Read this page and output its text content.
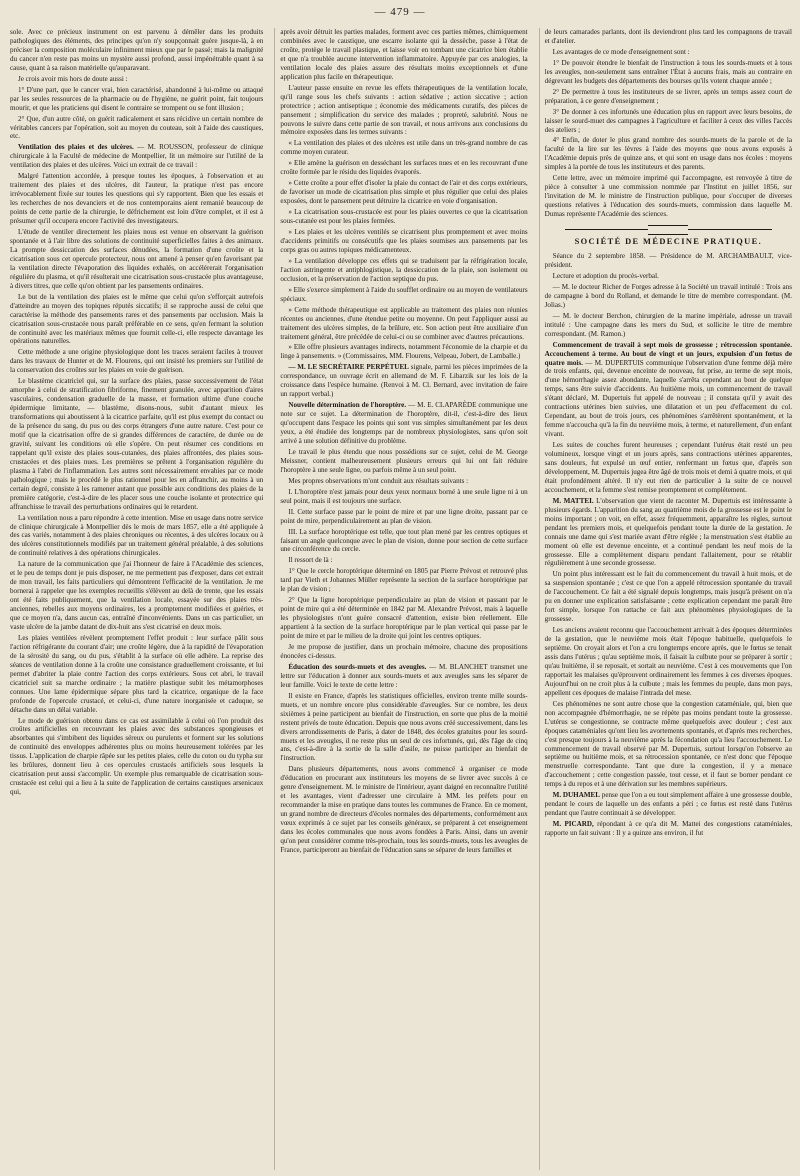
— 479 —

sole. Avec ce précieux instrument on est parvenu à démêler dans les produits pathologiques des éléments, des principes qu'on n'y soupçonnait guère jusque-là, à en préciser la composition moléculaire infiniment mieux que par le passé; mais la malignité du cancer n'en reste pas moins un mystère aussi profond, aussi impénétrable quant à sa cause, quant à sa raison matérielle qu'auparavant.

Je crois avoir mis hors de doute aussi :

1° D'une part, que le cancer vrai, bien caractérisé, abandonné à lui-même ou attaqué par les seules ressources de la pharmacie ou de l'hygiène, ne guérit point, fait toujours mourir, et que les praticiens qui disent le contraire se trompent ou se font illusion ;

2° Que, d'un autre côté, on guérit radicalement et sans récidive un certain nombre de véritables cancers par l'opération, soit au moyen du couteau, soit à l'aide des caustiques, etc.

Ventilation des plaies et des ulcères. — M. ROUSSON, professeur de clinique chirurgicale à la Faculté de médecine de Montpellier, lit un mémoire sur l'utilité de la ventilation des plaies et des ulcères. Voici un extrait de ce travail :

Malgré l'attention accordée, à presque toutes les époques, à l'observation et au traitement des plaies et des ulcères, dit l'auteur, la pratique n'est pas encore irrévocablement fixée sur toutes les questions qui s'y rapportent. Bien que les essais et les recherches de nos devanciers et de nos contemporains aient remanié beaucoup de points de cette partie de la chirurgie, le défrichement est loin d'être complet, et il est à présumer qu'il occupera encore l'activité des investigateurs.

L'étude de ventiler directement les plaies nous est venue en observant la guérison spontanée et à l'air libre des solutions de continuité superficielles faites à des animaux. La prompte dessiccation des surfaces dénudées, la formation d'une croûte et la cicatrisation sous cet opercule protecteur, nous ont amené à penser qu'en favorisant par la ventilation directe l'évaporation des liquides exhalés, on accélérerait l'organisation régulière du plasma, et qu'il résulterait une cicatrisation sous-crustacée plus avantageuse, à divers titres, que celle qu'on obtient par les pansements ordinaires.

Le but de la ventilation des plaies est le même que celui qu'on s'efforçait autrefois d'atteindre au moyen des topiques réputés siccatifs; il se rapproche aussi de celui que caractérise la méthode des pansements rares et des pansements par occlusion. Mais la cicatrisation sous-crustacée nous paraît préférable en ce sens, qu'en fermant la solution de continuité avec les matériaux mêmes que fournit celle-ci, elle respecte davantage les opérations naturelles.

Cette méthode a une origine physiologique dont les traces seraient faciles à trouver dans les travaux de Hunter et de M. Flourens, qui ont insisté les premiers sur l'utilité de la conservation des croûtes sur les plaies en voie de guérison.

Le blastème cicatriciel qui, sur la surface des plaies, passe successivement de l'état amorphe à celui de stratification fibriforme, finement granulée, avec apparition d'aires vasculaires, condensation graduelle de la masse, et formation ultime d'une couche épidermique limitante, — blastème, disons-nous, subit d'autant mieux les transformations qui aboutissent à la cicatrice parfaite, qu'il est plus exempt du contact ou de la présence du sang, du pus ou des corps étrangers d'une autre nature. C'est pour ce motif que la cicatrisation offre de si grandes différences de caractère, de durée ou de gravité, suivant les conditions où elle s'opère. On peut résumer ces conditions en rappelant qu'il existe des plaies sous-cutanées, des plaies affrontées, des plaies sous-crustacées et des plaies nues. Les premières se prêtent à l'organisation régulière du plasma à l'abri de l'inflammation. Les autres sont nécessairement envahies par ce mode pathologique ; mais le procédé le plus rationnel pour les en affranchir, au moins à un certain degré, consiste à les ramener autant que possible aux conditions des plaies de la première catégorie, c'est-à-dire de les placer sous une couche isolante et protectrice qui affranchisse le travail des perturbations ordinaires qui le retardent.

La ventilation nous a paru répondre à cette intention. Mise en usage dans notre service de clinique chirurgicale à Montpellier dès le mois de mars 1857, elle a été appliquée à des cas variés, notamment à des plaies chroniques ou récentes, à des ulcères locaux ou à des ulcères constitutionnels modifiés par un traitement général préalable, à des solutions de continuité relatives à des opérations chirurgicales.

La nature de la communication que j'ai l'honneur de faire à l'Académie des sciences, et le peu de temps dont je puis disposer, ne me permettent pas d'exposer, dans cet extrait de mon travail, les faits particuliers qui démontrent l'efficacité de la ventilation. Je me bornerai à rappeler que les exemples recueillis s'élèvent au delà de trente, que les essais ont été faits publiquement, que la ventilation locale, essayée sur des plaies très-anciennes, rebelles aux moyens ordinaires, les a promptement modifiées et guéries, et que ce moyen n'a, dans aucun cas, entraîné d'inconvénients. Dans un cas particulier, un vaste ulcère de la jambe datant de dix-huit ans s'est cicatrisé en deux mois.

Les plaies ventilées révèlent promptement l'effet produit : leur surface pâlit sous l'action réfrigérante du courant d'air; une croûte légère, due à la rapidité de l'évaporation de la sérosité du sang, ou du pus, s'établit à la surface où elle adhère. La reprise des séances de ventilation donne à la croûte une consistance graduellement croissante, et lui permet d'abriter la plaie contre l'action des corps extérieurs. Sous cet abri, le travail cicatriciel suit sa marche ordinaire ; la matière plastique subit les métamorphoses connues. Une lame épidermique sépare plus tard la cicatrice, organique de la face profonde de l'opercule crustacé, et celui-ci, d'une nature inorganisée et caduque, se détache dans un délai variable.

Le mode de guérison obtenu dans ce cas est assimilable à celui où l'on produit des croûtes artificielles en recouvrant les plaies avec des substances spongieuses et absorbantes qui s'imbibent des liquides séreux ou purulents et forment sur les solutions de continuité des enveloppes adhérentes plus ou moins heureusement tolérées par les tissus. L'application de charpie râpée sur les petites plaies, celle du coton ou du typha sur les brûlures, donnent lieu à ces opercules crustacés artificiels sous lesquels la cicatrisation peut aussi s'accomplir. Un exemple plus remarquable de cicatrisation sous-crustacée est celui qui a lieu à la suite de l'application de certains caustiques arsenicaux qui,

après avoir détruit les parties malades, forment avec ces parties mêmes, chimiquement combinées avec le caustique, une escarre isolante qui la dessèche, passe à l'état de croûte, protège le travail plastique, et laisse voir en tombant une cicatrice bien établie et que n'a troublée aucune intervention inflammatoire. Appuyée par ces analogies, la ventilation locale des plaies assure des résultats moins exceptionnels et d'une application plus facile en thérapeutique.

L'auteur passe ensuite en revue les effets thérapeutiques de la ventilation locale, qu'il range sous les chefs suivants : action sédative ; action siccative ; action protectrice ; action antiseptique ; économie des médicaments curatifs, des pièces de pansement ; simplification du service des malades ; propreté, salubrité. Nous ne pouvons le suivre dans cette partie de son travail, et nous arrivons aux conclusions du mémoire exposées dans les termes suivants :

« La ventilation des plaies et des ulcères est utile dans un très-grand nombre de cas comme moyen curateur.

» Elle amène la guérison en desséchant les surfaces nues et en les recouvrant d'une croûte formée par le résidu des liquides évaporés.

» Cette croûte a pour effet d'isoler la plaie du contact de l'air et des corps extérieurs, de favoriser un mode de cicatrisation plus simple et plus régulier que celui des plaies exposées, dont le pansement peut détruire la cicatrice en voie d'organisation.

» La cicatrisation sous-crustacée est pour les plaies ouvertes ce que la cicatrisation sous-cutanée est pour les plaies fermées.

» Les plaies et les ulcères ventilés se cicatrisent plus promptement et avec moins d'accidents primitifs ou consécutifs que les plaies soumises aux pansements par les corps gras ou autres topiques médicamenteux.

» La ventilation développe ces effets qui se traduisent par la réfrigération locale, l'action astringente et antiphlogistique, la dessiccation de la plaie, son isolement ou occlusion, et la préservation de l'action septique du pus.

» Elle s'exerce simplement à l'aide du soufflet ordinaire ou au moyen de ventilateurs spéciaux.

» Cette méthode thérapeutique est applicable au traitement des plaies non réunies récentes ou anciennes, d'une étendue petite ou moyenne. On peut l'appliquer aussi au traitement des ulcères simples, de la brûlure, etc. Son action peut être auxiliaire d'un traitement général, être précédée de celui-ci ou se combiner avec d'autres précautions.

» Elle offre plusieurs avantages indirects, notamment l'économie de la charpie et du linge à pansements. » (Commissaires, MM. Flourens, Velpeau, Jobert, de Lamballe.)

— M. LE SECRÉTAIRE PERPÉTUEL signale, parmi les pièces imprimées de la correspondance, un ouvrage écrit en allemand de M. F. Libarzik sur les lois de la croissance dans l'espèce humaine. (Renvoi à M. Cl. Bernard, avec invitation de faire un rapport verbal.)

Nouvelle détermination de l'horoptère. — M. E. CLAPARÈDE communique une note sur ce sujet. La détermination de l'horoptère, dit-il, c'est-à-dire des lieux qu'occupent dans l'espace les points qui sont vus simples simultanément par les deux yeux, a été étudiée des longtemps par de nombreux physiologistes, sans qu'on soit arrivé à une solution définitive du problème.

Le travail le plus étendu que nous possédions sur ce sujet, celui de M. George Meissner, contient malheureusement plusieurs erreurs qui lui ont fait réduire l'horoptère à une seule ligne, ou parfois même à un seul point.

Mes propres observations m'ont conduit aux résultats suivants :

I. L'horoptère n'est jamais pour deux yeux normaux borné à une seule ligne ni à un seul point, mais il est toujours une surface.

II. Cette surface passe par le point de mire et par une ligne droite, passant par ce point de mire, perpendiculairement au plan de vision.

III. La surface horoptérique est telle, que tout plan mené par les centres optiques et faisant un angle quelconque avec le plan de vision, donne pour section de cette surface une circonférence du cercle.

Il ressort de là :

1° Que le cercle horoptérique déterminé en 1805 par Pierre Prévost et retrouvé plus tard par Vieth et Johannes Müller représente la section de la surface horoptérique par le plan de vision ;

2° Que la ligne horoptérique perpendiculaire au plan de vision et passant par le point de mire qui a été déterminée en 1842 par M. Alexandre Prévost, mais à laquelle les physiologistes n'ont guère consacré d'attention, existe bien réellement. Elle appartient à la section de la surface horoptérique par le plan vertical qui passe par le point de mire et par le milieu de la droite qui joint les centres optiques.

Je me propose de justifier, dans un prochain mémoire, chacune des propositions énoncées ci-dessus.

Éducation des sourds-muets et des aveugles. — M. BLANCHET transmet une lettre sur l'éducation à donner aux sourds-muets et aux aveugles sans les séparer de leur famille. Voici le texte de cette lettre :

Il existe en France, d'après les statistiques officielles, environ trente mille sourds-muets, et un nombre encore plus considérable d'aveugles. Sur ce nombre, les deux sixièmes à peine participent au bienfait de l'instruction, en sorte que plus de la moitié restent privés de toute éducation. Depuis que nous avons créé successivement, dans les divers arrondissements de Paris, à dater de 1848, des écoles gratuites pour les sourd-muets et les aveugles, il ne reste plus un seul de ces infortunés, qui, dès l'âge de cinq ans, c'est-à-dire à la sortie de la salle d'asile, ne puisse participer au bienfait de l'instruction.

Dans plusieurs départements, nous avons commencé à organiser ce mode d'éducation en procurant aux instituteurs les moyens de se livrer avec succès à ce genre d'enseignement. M. le ministre de l'intérieur, ayant daigné en reconnaître l'utilité et les avantages, vient d'adresser une circulaire à MM. les préfets pour en recommander la mise en pratique dans toutes les communes de France. En ce moment, un grand nombre de directeurs d'écoles normales des départements, conformément aux vœux exprimés à ce sujet par les conseils généraux, se préparent à cet enseignement dans les écoles communales que nous avons fondées à Paris. Ainsi, dans un avenir qu'on peut considérer comme très-prochain, tous les sourds-muets, tous les aveugles de France, participeront au bienfait de l'éducation sans se séparer de leurs familles et

de leurs camarades parlants, dont ils deviendront plus tard les compagnons de travail et d'atelier.

Les avantages de ce mode d'enseignement sont :

1° De pouvoir étendre le bienfait de l'instruction à tous les sourds-muets et à tous les aveugles, non-seulement sans entraîner l'État à aucuns frais, mais au contraire en dégrevant les budgets des départements des bourses qu'ils votent chaque année ;

2° De permettre à tous les instituteurs de se livrer, après un temps assez court de préparation, à ce genre d'enseignement ;

3° De donner à ces infortunés une éducation plus en rapport avec leurs besoins, de laisser le sourd-muet des campagnes à l'agriculture et faciliter à ceux des villes l'accès des ateliers ;

4° Enfin, de doter le plus grand nombre des sourds-muets de la parole et de la faculté de la lire sur les lèvres à l'aide des moyens que nous avons exposés à l'Académie depuis près de quinze ans, et qui sont en usage dans nos écoles : moyens simples à la portée de tous les instituteurs et des parents.

Cette lettre, avec un mémoire imprimé qui l'accompagne, est renvoyée à titre de pièce à consulter à une commission nommée par l'Institut en juillet 1856, sur l'invitation de M. le ministre de l'instruction publique, pour s'occuper de diverses questions relatives à l'éducation des sourds-muets, commission dans laquelle M. Dumas représente l'Académie des sciences.

SOCIÉTÉ DE MÉDECINE PRATIQUE.

Séance du 2 septembre 1858. — Présidence de M. ARCHAMBAULT, vice-président.

Lecture et adoption du procès-verbal.

— M. le docteur Richer de Forges adresse à la Société un travail intitulé : Trois ans de campagne à bord du Rolland, et demande le titre de membre correspondant. (M. Jolias.)

— M. le docteur Berchon, chirurgien de la marine impériale, adresse un travail intitulé : Une campagne dans les mers du Sud, et sollicite le titre de membre correspondant. (M. Ramon.)

Commencement de travail à sept mois de grossesse ; rétrocession spontanée. Accouchement à terme. Au bout de vingt et un jours, expulsion d'un fœtus de quatre mois. — M. DUPERTUIS communique l'observation d'une femme déjà mère de trois enfants, qui, devenue enceinte de nouveau, fut prise, au terme de sept mois, d'une hémorrhagie assez abondante, laquelle s'arrêta cependant au bout de quelque temps, sans être suivie d'accidents. Au huitième mois, un commencement de travail s'étant déclaré, M. Dupertuis fut appelé de nouveau ; il constata qu'il y avait des contractions utérines bien suivies, une dilatation et un peu d'effacement du col. Cependant, au bout de trois jours, ces phénomènes s'arrêtèrent spontanément, et la femme n'accoucha qu'à la fin du neuvième mois, à terme, et naturellement, d'un enfant vivant.

Les suites de couches furent heureuses ; cependant l'utérus était resté un peu volumineux, lorsque vingt et un jours après, sans contractions utérines apparentes, sans douleurs, fut expulsé un œuf entier, renfermant un fœtus que, d'après son développement, M. Dupertuis jugea être âgé de trois mois et demi à quatre mois, et qui était profondément altéré. Il n'y eut rien de particulier à la suite de ce nouvel accouchement, et la femme s'est remise promptement et complètement.

M. MATTEI. L'observation que vient de raconter M. Dupertuis est intéressante à plusieurs égards. L'apparition du sang au quatrième mois de la grossesse est le point le moins important ; on voit, en effet, assez fréquemment, apparaître les règles, surtout pendant les premiers mois, et quelquefois pendant toute la durée de la gestation. Je connais une dame qui s'est mariée avant d'être réglée ; la menstruation s'est établie au moment où elle est devenue enceinte, et a continué pendant les neuf mois de la grossesse. Elle a complètement disparu pendant l'allaitement, pour se rétablir régulièrement à une seconde grossesse.

Un point plus intéressant est le fait du commencement du travail à huit mois, et de sa suspension spontanée ; c'est ce que l'on a appelé rétrocession spontanée du travail de l'accouchement. Ce fait a été signalé depuis longtemps, mais jusqu'à présent on n'a pu en donner une explication satisfaisante ; cette explication cependant me paraît être fort simple, lorsque l'on rattache ce fait aux phénomènes physiologiques de la grossesse.

Les anciens avaient reconnu que l'accouchement arrivait à des époques déterminées de la gestation, que le neuvième mois était l'époque habituelle, quelquefois le septième. On croyait alors et l'on a cru longtemps encore après, que le fœtus se tenait assis dans l'utérus ; qu'au septième mois, il faisait la culbute pour se préparer à sortir ; qu'au huitième, il se reposait, et sortait au neuvième. C'est à ces mouvements que l'on rapportait les malaises qu'éprouvent ordinairement les femmes à ces diverses époques. Aujourd'hui on ne croit plus à la culbute ; mais les femmes du peuple, dans mon pays, appellent ces époques de malaise l'intrada del mese.

Ces phénomènes ne sont autre chose que la congestion cataméniale, qui, bien que non accompagnée d'hémorrhagie, ne se répète pas moins pendant toute la grossesse. L'utérus se congestionne, se contracte même quelquefois avec douleur ; c'est aux époques cataméniales qu'ont lieu les avortements spontanés, et d'après mes recherches, c'est presque toujours à la neuvième après la fécondation qu'a lieu l'accouchement. Le commencement de travail observé par M. Dupertuis, surtout lorsqu'on l'observe au septième ou huitième mois, et sa rétrocession spontanée, ce n'est donc que l'époque menstruelle correspondante. Tant que dure la congestion, il y a menace d'accouchement ; cette congestion passée, tout cesse, et il faut se borner pendant ce temps à du repos et à une dérivation sur les membres supérieurs.

M. DUHAMEL pense que l'on a eu tout simplement affaire à une grossesse double, pendant le cours de laquelle un des enfants a péri ; ce fœtus est resté dans l'utérus pendant que l'autre continuait à se développer.

M. PICARD, répondant à ce qu'a dit M. Mattei des congestions cataméniales, rapporte un fait suivant : Il y a quinze ans environ, il fut
